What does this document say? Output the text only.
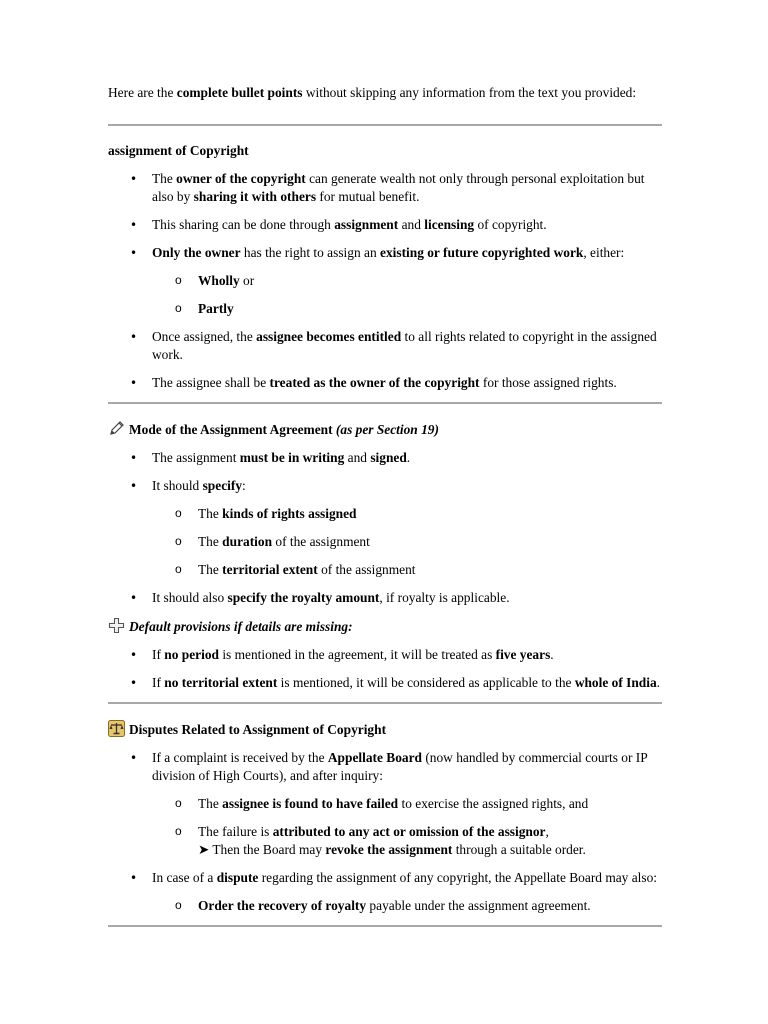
Here are the complete bullet points without skipping any information from the text you provided:

assignment of Copyright

• The owner of the copyright can generate wealth not only through personal exploitation but also by sharing it with others for mutual benefit.
• This sharing can be done through assignment and licensing of copyright.
• Only the owner has the right to assign an existing or future copyrighted work, either:
o Wholly or
o Partly
• Once assigned, the assignee becomes entitled to all rights related to copyright in the assigned work.
• The assignee shall be treated as the owner of the copyright for those assigned rights.

Mode of the Assignment Agreement (as per Section 19)

• The assignment must be in writing and signed.
• It should specify:
o The kinds of rights assigned
o The duration of the assignment
o The territorial extent of the assignment
• It should also specify the royalty amount, if royalty is applicable.

Default provisions if details are missing:

• If no period is mentioned in the agreement, it will be treated as five years.
• If no territorial extent is mentioned, it will be considered as applicable to the whole of India.

Disputes Related to Assignment of Copyright

• If a complaint is received by the Appellate Board (now handled by commercial courts or IP division of High Courts), and after inquiry:
o The assignee is found to have failed to exercise the assigned rights, and
o The failure is attributed to any act or omission of the assignor,
➤ Then the Board may revoke the assignment through a suitable order.
• In case of a dispute regarding the assignment of any copyright, the Appellate Board may also:
o Order the recovery of royalty payable under the assignment agreement.
